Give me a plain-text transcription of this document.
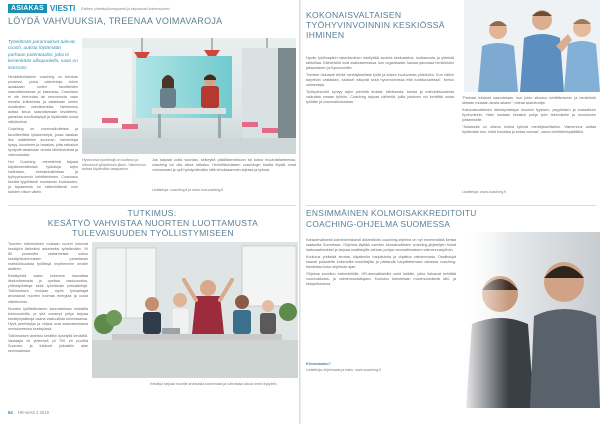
ASIAKAS VIESTI Esittele yhteistyökumppanisi ja tarjoamasi kokemuksesi
LÖYDÄ VAHVUUKSIA, TREENAA VOIMAVAROJA
Työelämän parannukset tulevat, coach, uutista löytämään parhaan potentiaalisi, joka ei kenenkään ulkopuolella, vaan on itsessäsi.

Henkilökohtainen coaching on tehokas prosessi, jossa valmentaja tukee asiakkaan omien tavoitteiden saavuttamisessa ja kasvussa. Coachaus ei ole kerrontaa tai neuvomista vaan rinnalla kulkemista ja asiakkaan omien oivallusten vahvistamista. Valmennus auttaa sinua saavuttamaan tavoitteesi, parantaa suorituskykyä ja löytämään uusia näkökulmia.

Coaching on vuorovaikutteista ja tavoitteellista työskentelyä, jossa asiakas itse määrittelee suunnan. Valmentaja kysyy, kuuntelee ja haastaa, jotta ratkaisut syntyvät asiakkaan omista lähtökohdista ja vahvuuksista.

Hur Coaching -menetelmä tarjoaa käytännönläheisiä työkaluja arjen hallintaan, stressinhallintaan ja työhyvinvoinnin kehittämiseen. Coachaus kestää tyypillisesti muutaman kuukauden, ja tapaamisia on säännöllisesti noin kahden viikon välein.

Jos kaipaat uutta suuntaa, selkeyttä päätöksentekoon tai tukea muutostilanteessa, coaching voi olla oikea ratkaisu. Henkilökohtaisen coachingin kautta löydät omat voimavarasi ja opit hyödyntämään niitä tehokkaammin arjessa ja työssä.

Lisätietoja: coaching.fi ja www.hurcoaching.fi
Hyvinvoiva työntekijä on tuottava ja sitoutunut työyhteisön jäsen. Valmennus auttaa löytämään tasapainon.
TUTKIMUS:
KESÄTYÖ VAHVISTAA NUORTEN LUOTTAMUSTA TULEVAISUUDEN TYÖLLISTYMISEEN

Tuoreen tutkimuksen mukaan nuoret kokevat kesätyön tärkeäksi askeleeksi työelämään. Yli 80 prosenttia vastanneista uskoo kesätyökokemuksen parantavan mahdollisuuksia työllistyä myöhemmin omalle alalleen.

Kesätyöstä saatu kokemus kasvattaa itseluottamusta ja opettaa vastuunottoa, yhteistyötaitoja sekä työelämän pelisääntöjä. Tutkimuksen mukaan myös työnantajat arvostavat nuorten tuomaa energiaa ja uusia näkökulmia.

Nuorten työllistämiseen kannustetaan erilaisilla tukimuodoilla, ja yhä useampi yritys tarjoaa kesätyöpaikkoja osana vastuullista toimintaansa. Hyvä perehdytys ja ohjaus ovat avainasemassa onnistuneessa kesätyössä.

Tutkimuksen aineisto kerättiin kyselyllä keväällä. Vastaajia oli yhteensä yli 700 eri puolilta Suomea, ja tulokset julkaistiin alan seminaarissa.

Kesätyö tarjoaa nuorille arvokasta kokemusta ja vahvistaa uskoa omiin kykyihin.
54 HR-viesti 2 2019
KOKONAISVALTAISEN TYÖHYVINVOINNIN KESKIÖSSÄ IHMINEN

Hyvän työilmapiirin rakentaminen edellyttää avointa keskustelua, luottamusta ja yhteistä tahtotilaa. Esihenkilöt ovat avainasemassa, kun organisaatio haluaa panostaa henkilöstön jaksamiseen ja hyvinvointiin.

"Ihmiset haluavat tehdä merkityksellistä työtä ja kokea kuuluvansa yhteisöön. Kun näihin tarpeisiin vastataan, tulokset näkyvät sekä hyvinvoinnissa että tuottavuudessa", kertoo valmentaja.

Työhyvinvointi syntyy arjen pienistä teoista: kiitoksesta, tuesta ja mahdollisuudesta vaikuttaa omaan työhön. Coaching tarjoaa välineitä, joilla jokainen voi kehittää omaa työtään ja vuorovaikutustaan.

"Parhaat tulokset saavutetaan, kun johto sitoutuu kehittämiseen ja henkilöstö otetaan mukaan alusta alkaen", toteaa asiantuntija.

Kokonaisvaltainen lähestymistapa huomioi fyysisen, psyykkisen ja sosiaalisen hyvinvoinnin. Näin luodaan kestävä pohja työn tekemiselle ja muutoksen johtamiselle.

"Jokaisella on oikeus kokea työnsä merkitykselliseksi. Valmennus auttaa löytämään sen, mikä innostaa ja antaa voimaa", sanoo kehittämispäällikkö.

Lisätietoja: www.coaching.fi
ENSIMMÄINEN KOLMOISAKKREDITOITU
COACHING-OHJELMA SUOMESSA

Kansainvälisesti kolminkertaisesti akkreditoitu coaching-ohjelma on nyt ensimmäistä kertaa saatavilla Suomessa. Ohjelma täyttää useiden kansainvälisten coaching-järjestöjen tiukat laatuvaatimukset ja tarjoaa osallistujille vahvan pohjan ammattimaiseen valmennustyöhön.

Koulutus yhdistää teoriaa, käytännön harjoituksia ja ohjattua valmennusta. Osallistujat saavat palautetta kokeneilta kouluttajilta ja pääsevät harjoittelemaan aidoissa coaching-tilanteissa koko ohjelman ajan.

Ohjelma soveltuu esihenkilöille, HR-ammattilaisille sekä kaikille, jotka haluavat kehittää vuorovaikutus- ja valmennustaitojaan. Koulutus toteutetaan monimuotoisesti lähi- ja etäopetuksena.

Kiinnostaako?
Lisätietoja ohjelmasta ja haku: www.coaching.fi
